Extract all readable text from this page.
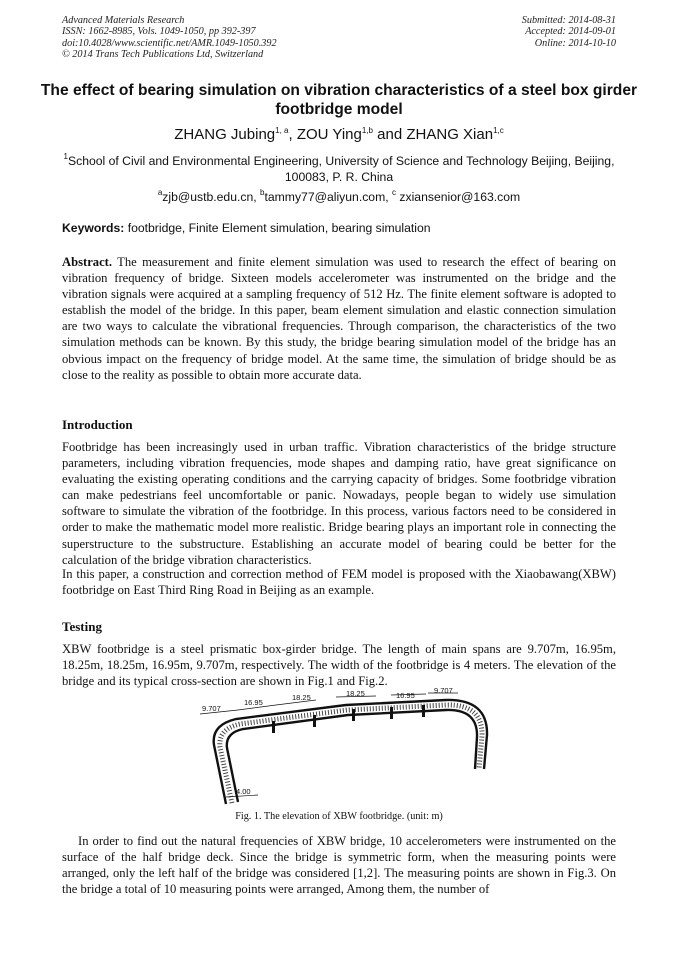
Advanced Materials Research
ISSN: 1662-8985, Vols. 1049-1050, pp 392-397
doi:10.4028/www.scientific.net/AMR.1049-1050.392
© 2014 Trans Tech Publications Ltd, Switzerland
Submitted: 2014-08-31
Accepted: 2014-09-01
Online: 2014-10-10
The effect of bearing simulation on vibration characteristics of a steel box girder footbridge model
ZHANG Jubing$^{1, a}$, ZOU Ying$^{1,b}$ and ZHANG Xian$^{1,c}$
$^1$School of Civil and Environmental Engineering, University of Science and Technology Beijing, Beijing, 100083, P. R. China
$^a$zjb@ustb.edu.cn, $^b$tammy77@aliyun.com, $^c$ zxiansenior@163.com
Keywords: footbridge, Finite Element simulation, bearing simulation
Abstract. The measurement and finite element simulation was used to research the effect of bearing on vibration frequency of bridge. Sixteen models accelerometer was instrumented on the bridge and the vibration signals were acquired at a sampling frequency of 512 Hz. The finite element software is adopted to establish the model of the bridge. In this paper, beam element simulation and elastic connection simulation are two ways to calculate the vibrational frequencies. Through comparison, the characteristics of the two simulation methods can be known. By this study, the bridge bearing simulation model of the bridge has an obvious impact on the frequency of bridge model. At the same time, the simulation of bridge should be as close to the reality as possible to obtain more accurate data.
Introduction
Footbridge has been increasingly used in urban traffic. Vibration characteristics of the bridge structure parameters, including vibration frequencies, mode shapes and damping ratio, have great significance on evaluating the existing operating conditions and the carrying capacity of bridges. Some footbridge vibration can make pedestrians feel uncomfortable or panic. Nowadays, people began to widely use simulation software to simulate the vibration of the footbridge. In this process, various factors need to be considered in order to make the mathematic model more realistic. Bridge bearing plays an important role in connecting the superstructure to the substructure. Establishing an accurate model of bearing could be better for the calculation of the bridge vibration characteristics.
In this paper, a construction and correction method of FEM model is proposed with the Xiaobawang(XBW) footbridge on East Third Ring Road in Beijing as an example.
Testing
XBW footbridge is a steel prismatic box-girder bridge. The length of main spans are 9.707m, 16.95m, 18.25m, 18.25m, 16.95m, 9.707m, respectively. The width of the footbridge is 4 meters. The elevation of the bridge and its typical cross-section are shown in Fig.1 and Fig.2.
9.707
16.95
18.25	18.25	16.95
9.707
4.00
Fig. 1. The elevation of XBW footbridge. (unit: m)
In order to find out the natural frequencies of XBW bridge, 10 accelerometers were instrumented on the surface of the half bridge deck. Since the bridge is symmetric form, when the measuring points were arranged, only the left half of the bridge was considered [1,2]. The measuring points are shown in Fig.3. On the bridge a total of 10 measuring points were arranged, Among them, the number of
